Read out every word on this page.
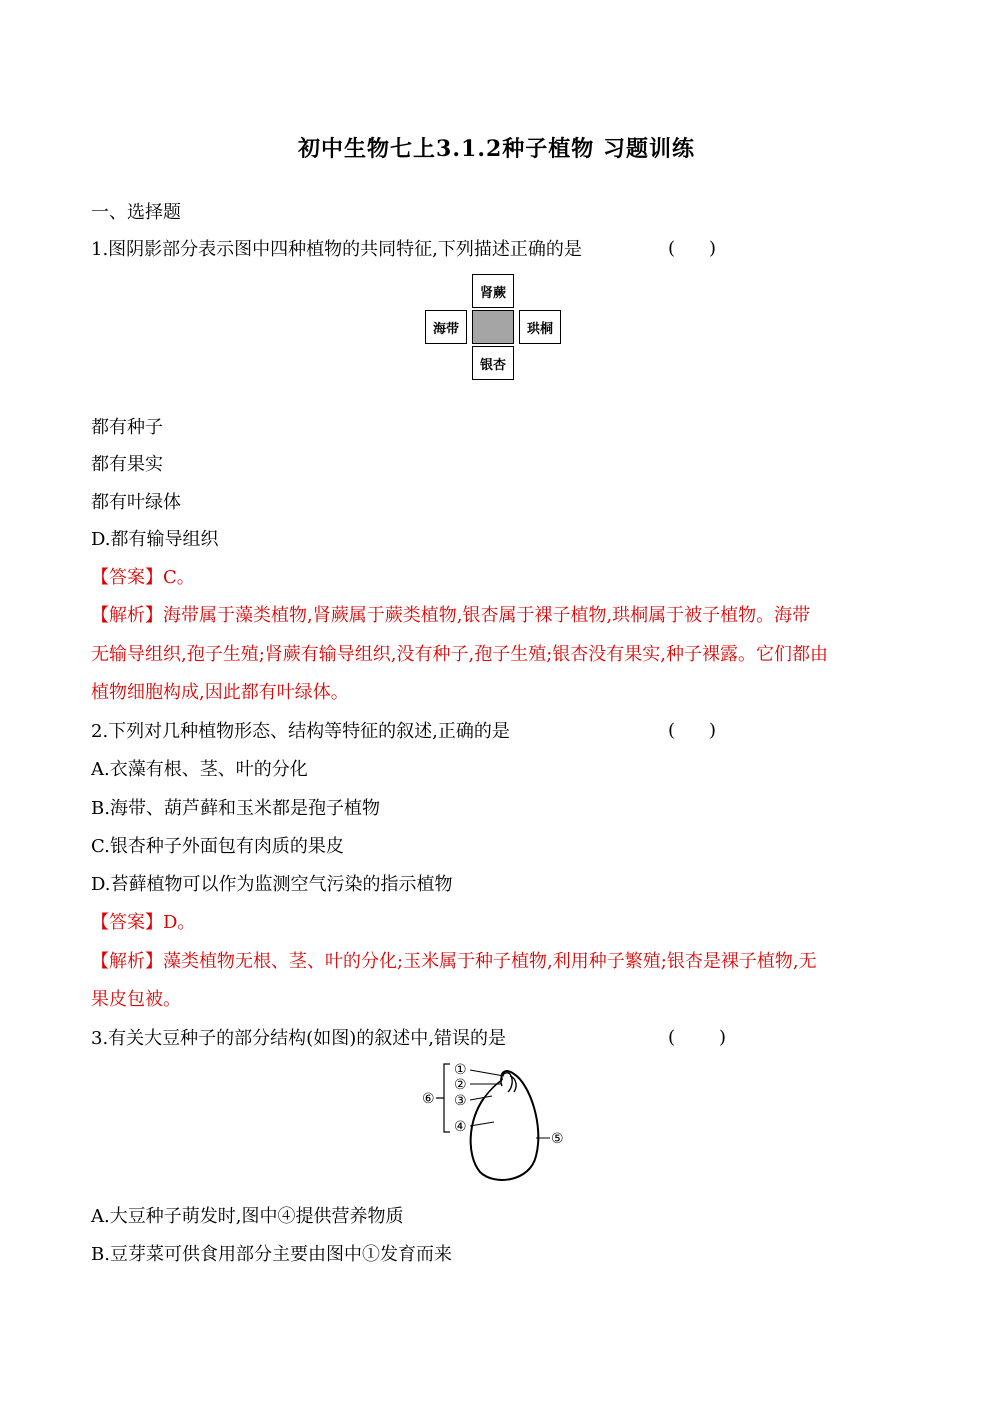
初中生物七上3.1.2种子植物 习题训练
一、选择题
1.图阴影部分表示图中四种植物的共同特征,下列描述正确的是	( )
肾蕨
海带	珙桐
银杏
都有种子
都有果实
都有叶绿体
D.都有输导组织
【答案】C。
【解析】海带属于藻类植物,肾蕨属于蕨类植物,银杏属于裸子植物,珙桐属于被子植物。海带
无输导组织,孢子生殖;肾蕨有输导组织,没有种子,孢子生殖;银杏没有果实,种子裸露。它们都由
植物细胞构成,因此都有叶绿体。
2.下列对几种植物形态、结构等特征的叙述,正确的是	( )
A.衣藻有根、茎、叶的分化
B.海带、葫芦藓和玉米都是孢子植物
C.银杏种子外面包有肉质的果皮
D.苔藓植物可以作为监测空气污染的指示植物
【答案】D。
【解析】藻类植物无根、茎、叶的分化;玉米属于种子植物,利用种子繁殖;银杏是裸子植物,无
果皮包被。
3.有关大豆种子的部分结构(如图)的叙述中,错误的是	( )
①
②
③
④
⑤
⑥
A.大豆种子萌发时,图中④提供营养物质
B.豆芽菜可供食用部分主要由图中①发育而来
